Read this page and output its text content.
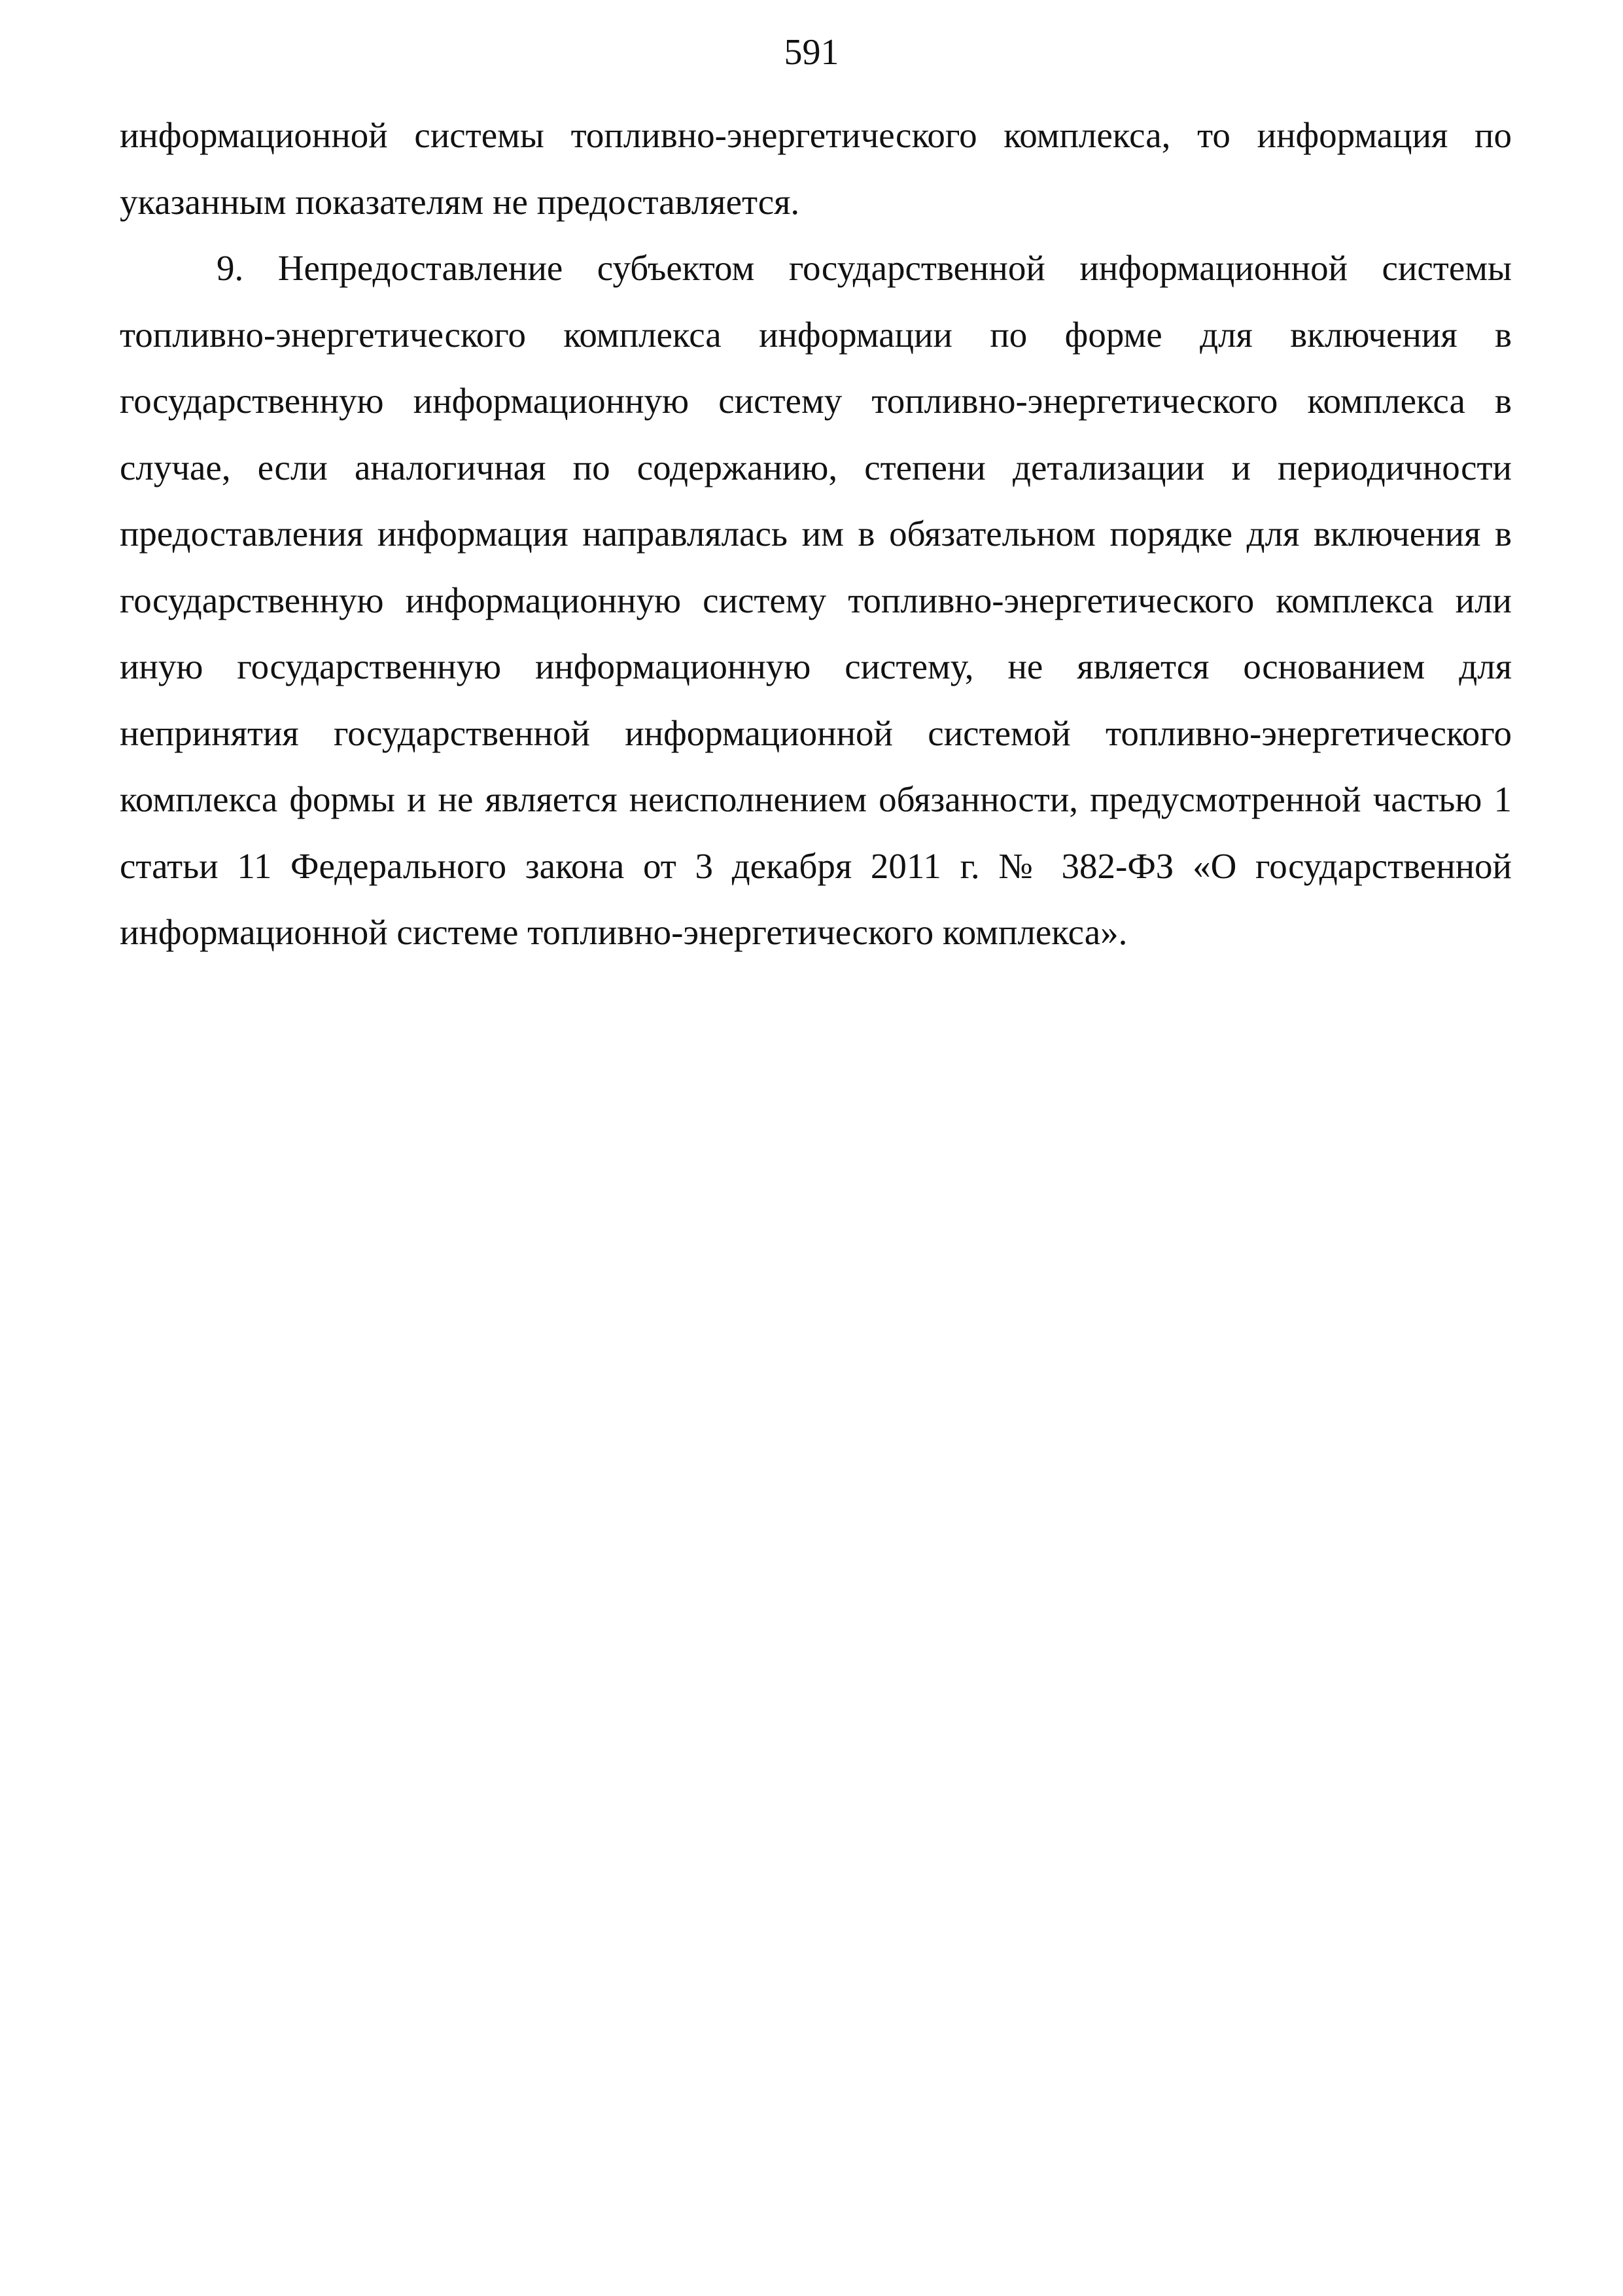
591

информационной системы топливно-энергетического комплекса, то информация по указанным показателям не предоставляется.

9. Непредоставление субъектом государственной информационной системы топливно-энергетического комплекса информации по форме для включения в государственную информационную систему топливно-энергетического комплекса в случае, если аналогичная по содержанию, степени детализации и периодичности предоставления информация направлялась им в обязательном порядке для включения в государственную информационную систему топливно-энергетического комплекса или иную государственную информационную систему, не является основанием для непринятия государственной информационной системой топливно-энергетического комплекса формы и не является неисполнением обязанности, предусмотренной частью 1 статьи 11 Федерального закона от 3 декабря 2011 г. № 382-ФЗ «О государственной информационной системе топливно-энергетического комплекса».
